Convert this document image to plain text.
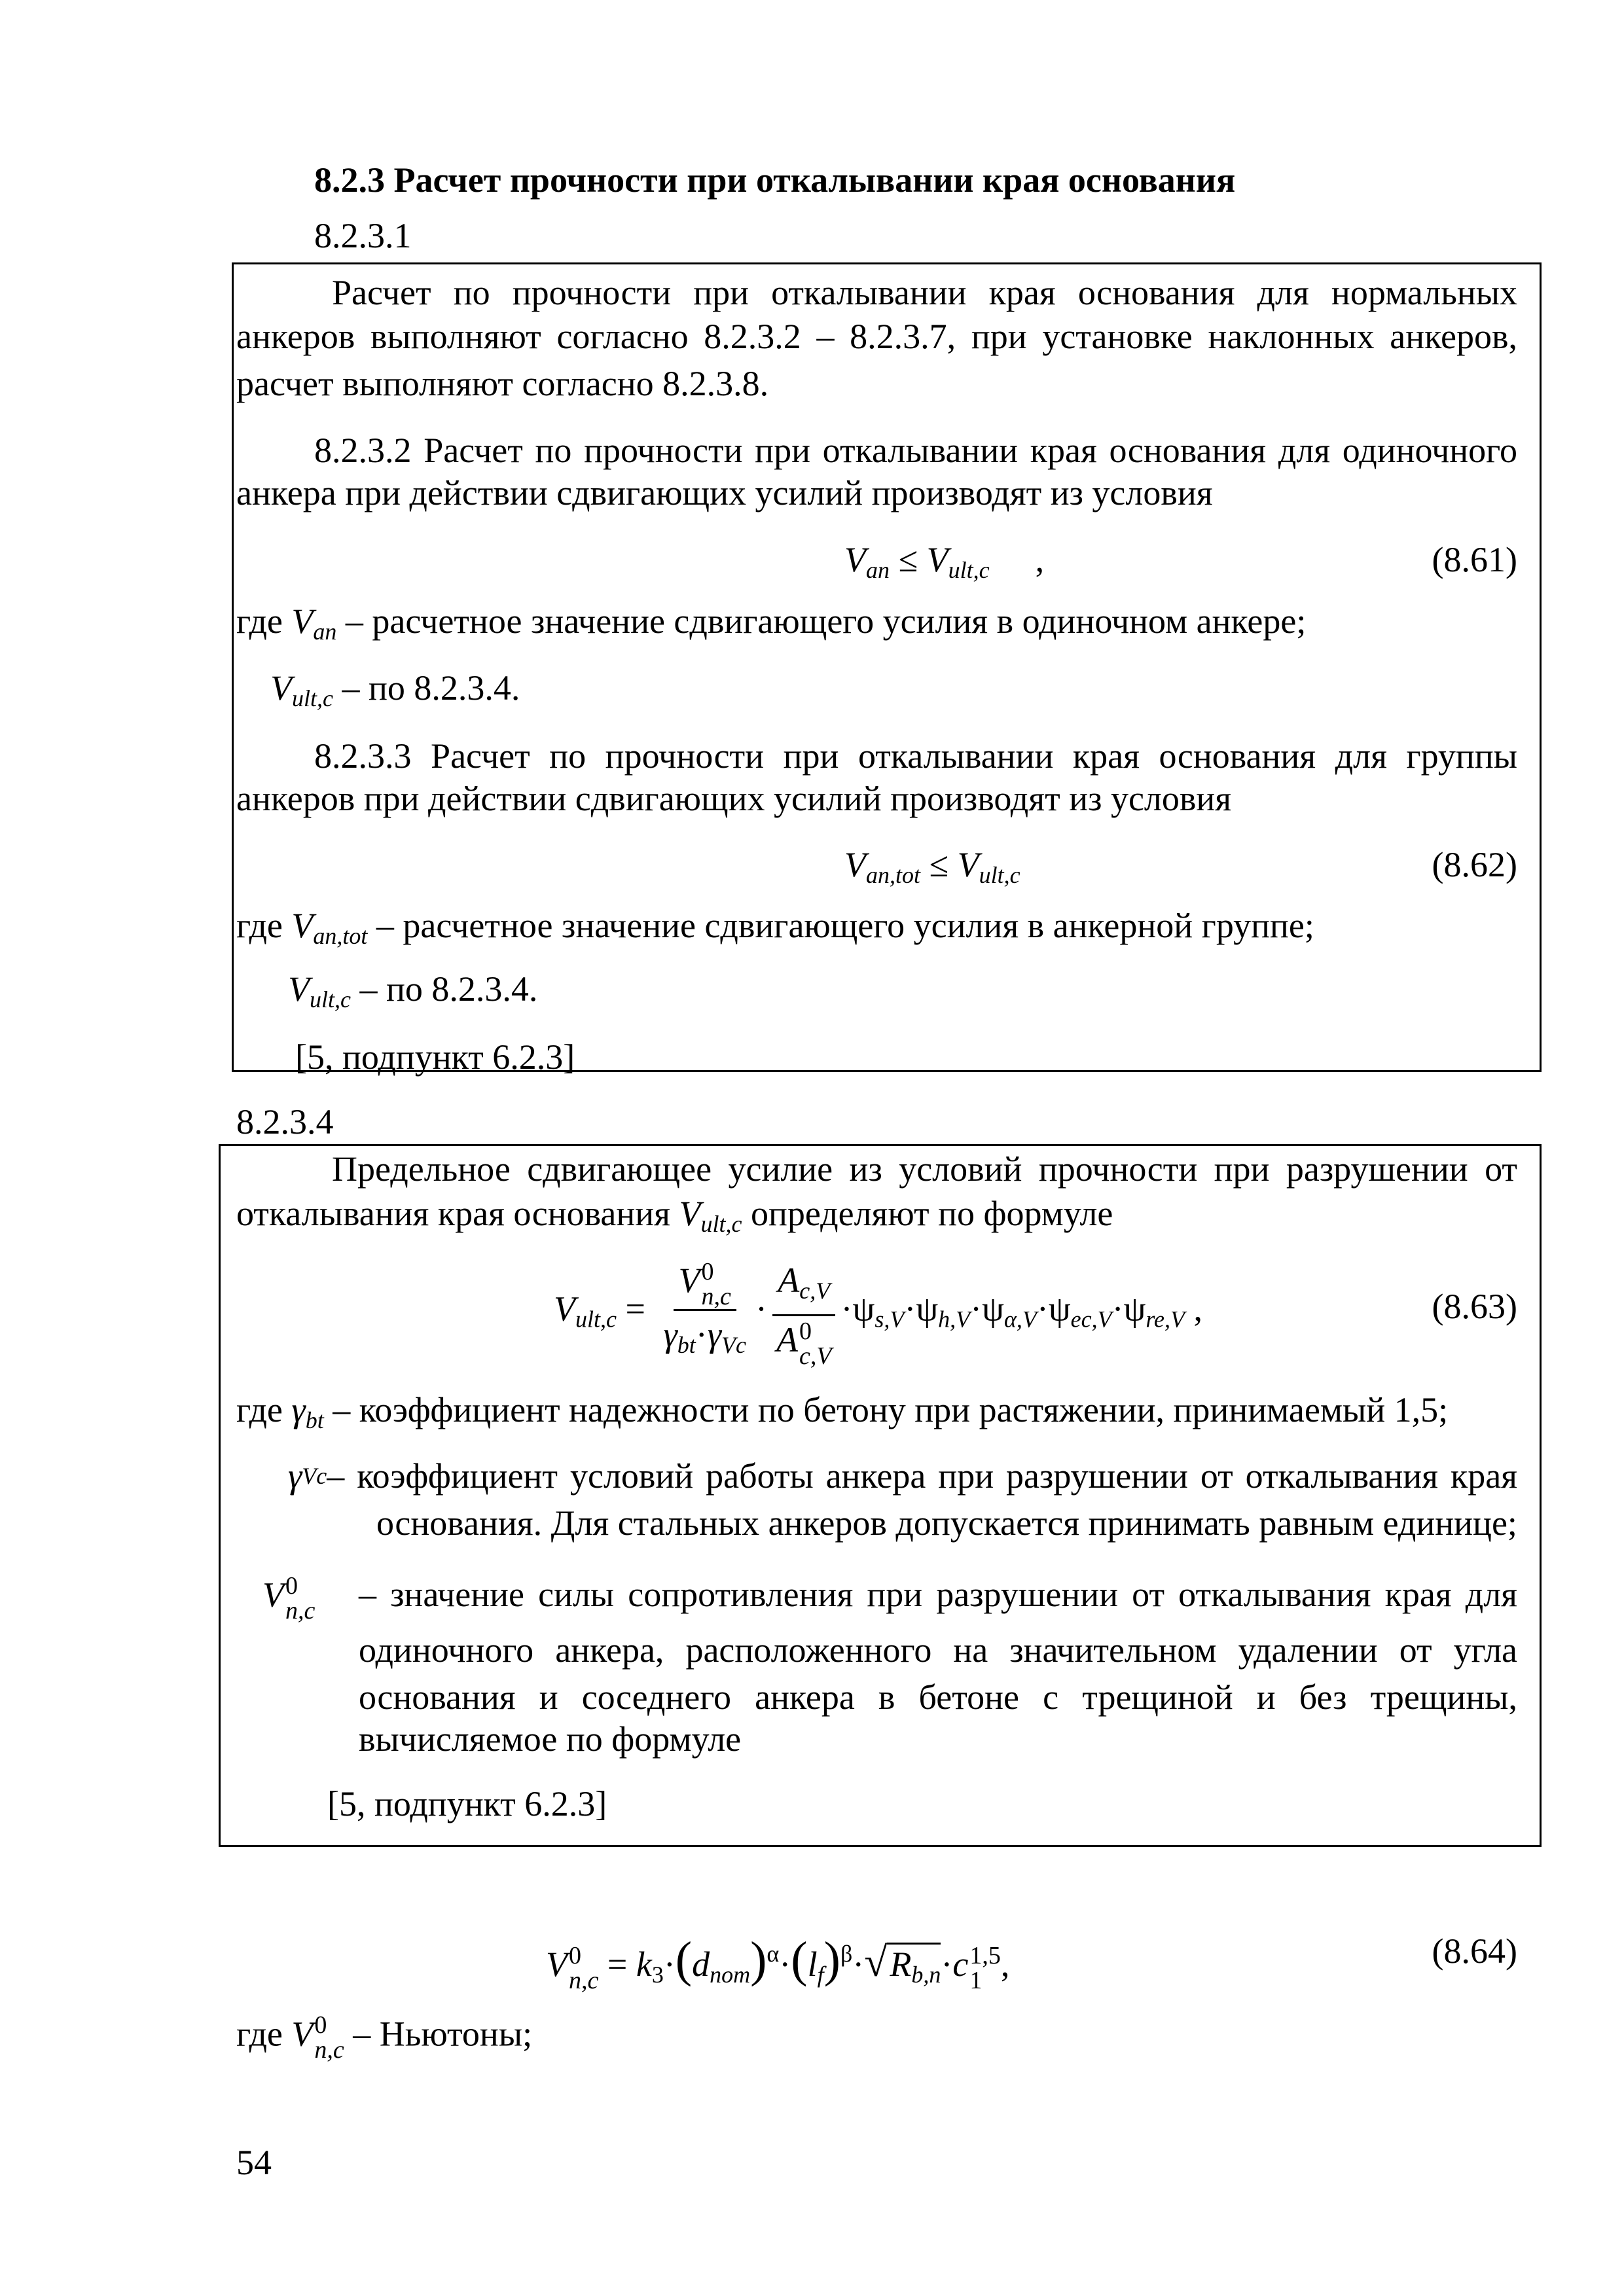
8.2.3 Расчет прочности при откалывании края основания
8.2.3.1
Расчет по прочности при откалывании края основания для нормальных
анкеров выполняют согласно 8.2.3.2 – 8.2.3.7, при установке наклонных анкеров,
расчет выполняют согласно 8.2.3.8.
8.2.3.2 Расчет по прочности при откалывании края основания для одиночного
анкера при действии сдвигающих усилий производят из условия
$V_{an} \le V_{ult,c}$ ,	(8.61)
где $V_{an}$ – расчетное значение сдвигающего усилия в одиночном анкере;
$V_{ult,c}$ – по 8.2.3.4.
8.2.3.3 Расчет по прочности при откалывании края основания для группы
анкеров при действии сдвигающих усилий производят из условия
$V_{an,tot} \le V_{ult,c}$	(8.62)
где $V_{an,tot}$ – расчетное значение сдвигающего усилия в анкерной группе;
$V_{ult,c}$ – по 8.2.3.4.
[5, подпункт 6.2.3]
8.2.3.4
Предельное сдвигающее усилие из условий прочности при разрушении от
откалывания края основания $V_{ult,c}$ определяют по формуле
$V_{ult,c} = V$ 0
n,c
$\gamma_{bt}\cdot\gamma_{Vc} \cdot A_{c,V}$
A 0
$c,V \cdot\psi_{s,V}\cdot\psi_{h,V}\cdot\psi_{\alpha,V}\cdot\psi_{ec,V}\cdot\psi_{re,V}$ ,	(8.63)
где $\gamma_{bt}$ – коэффициент надежности по бетону при растяжении, принимаемый 1,5;
γ Vc – коэффициент условий работы анкера при разрушении от откалывания края
основания. Для стальных анкеров допускается принимать равным единице;
V 0
n,c – значение силы сопротивления при разрушении от откалывания края для
одиночного анкера, расположенного на значительном удалении от угла
основания и соседнего анкера в бетоне с трещиной и без трещины,
вычисляемое по формуле
[5, подпункт 6.2.3]
V 0
$n,c = k_3\cdot(d_{nom})^\alpha\cdot(l_f)^\beta\cdot√R_{b,n}\cdot c$ 1,5
1 ,	(8.64)
где V 0
n,c – Ньютоны;
54
